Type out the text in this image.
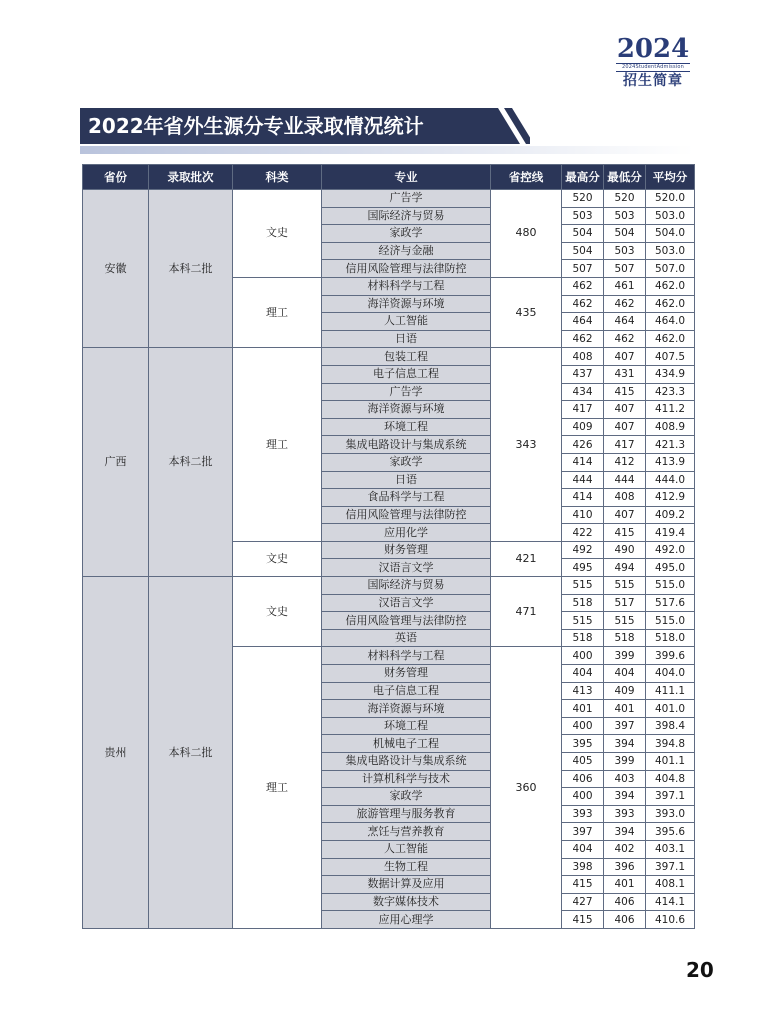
2024
2024StudentAdmission
招生简章
2022年省外生源分专业录取情况统计
省份	录取批次	科类	专业	省控线	最高分	最低分	平均分
安徽	本科二批	文史	广告学	480	520	520	520.0
			国际经济与贸易		503	503	503.0
			家政学		504	504	504.0
			经济与金融		504	503	503.0
			信用风险管理与法律防控		507	507	507.0
		理工	材料科学与工程	435	462	461	462.0
			海洋资源与环境		462	462	462.0
			人工智能		464	464	464.0
			日语		462	462	462.0
广西	本科二批	理工	包装工程	343	408	407	407.5
			电子信息工程		437	431	434.9
			广告学		434	415	423.3
			海洋资源与环境		417	407	411.2
			环境工程		409	407	408.9
			集成电路设计与集成系统		426	417	421.3
			家政学		414	412	413.9
			日语		444	444	444.0
			食品科学与工程		414	408	412.9
			信用风险管理与法律防控		410	407	409.2
			应用化学		422	415	419.4
		文史	财务管理	421	492	490	492.0
			汉语言文学		495	494	495.0
贵州	本科二批	文史	国际经济与贸易	471	515	515	515.0
			汉语言文学		518	517	517.6
			信用风险管理与法律防控		515	515	515.0
			英语		518	518	518.0
		理工	材料科学与工程	360	400	399	399.6
			财务管理		404	404	404.0
			电子信息工程		413	409	411.1
			海洋资源与环境		401	401	401.0
			环境工程		400	397	398.4
			机械电子工程		395	394	394.8
			集成电路设计与集成系统		405	399	401.1
			计算机科学与技术		406	403	404.8
			家政学		400	394	397.1
			旅游管理与服务教育		393	393	393.0
			烹饪与营养教育		397	394	395.6
			人工智能		404	402	403.1
			生物工程		398	396	397.1
			数据计算及应用		415	401	408.1
			数字媒体技术		427	406	414.1
			应用心理学		415	406	410.6
20
